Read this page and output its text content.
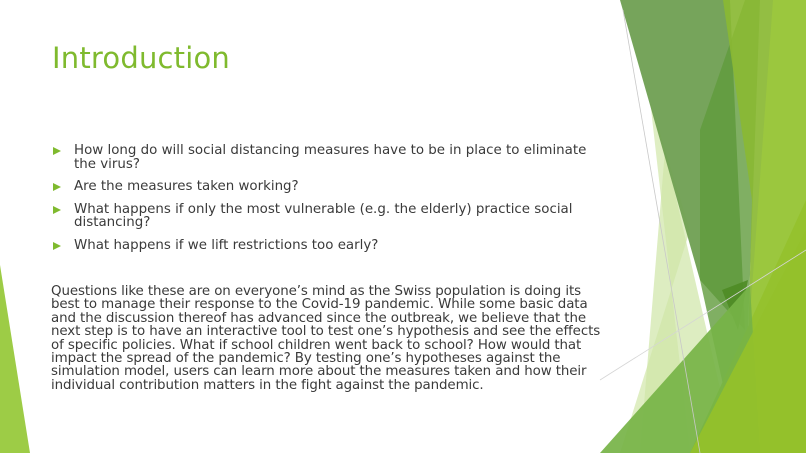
Introduction
How long do will social distancing measures have to be in place to eliminate the virus?
Are the measures taken working?
What happens if only the most vulnerable (e.g. the elderly) practice social distancing?
What happens if we lift restrictions too early?

Questions like these are on everyone’s mind as the Swiss population is doing its best to manage their response to the Covid-19 pandemic. While some basic data and the discussion thereof has advanced since the outbreak, we believe that the next step is to have an interactive tool to test one’s hypothesis and see the effects of specific policies. What if school children went back to school? How would that impact the spread of the pandemic? By testing one’s hypotheses against the simulation model, users can learn more about the measures taken and how their individual contribution matters in the fight against the pandemic.
